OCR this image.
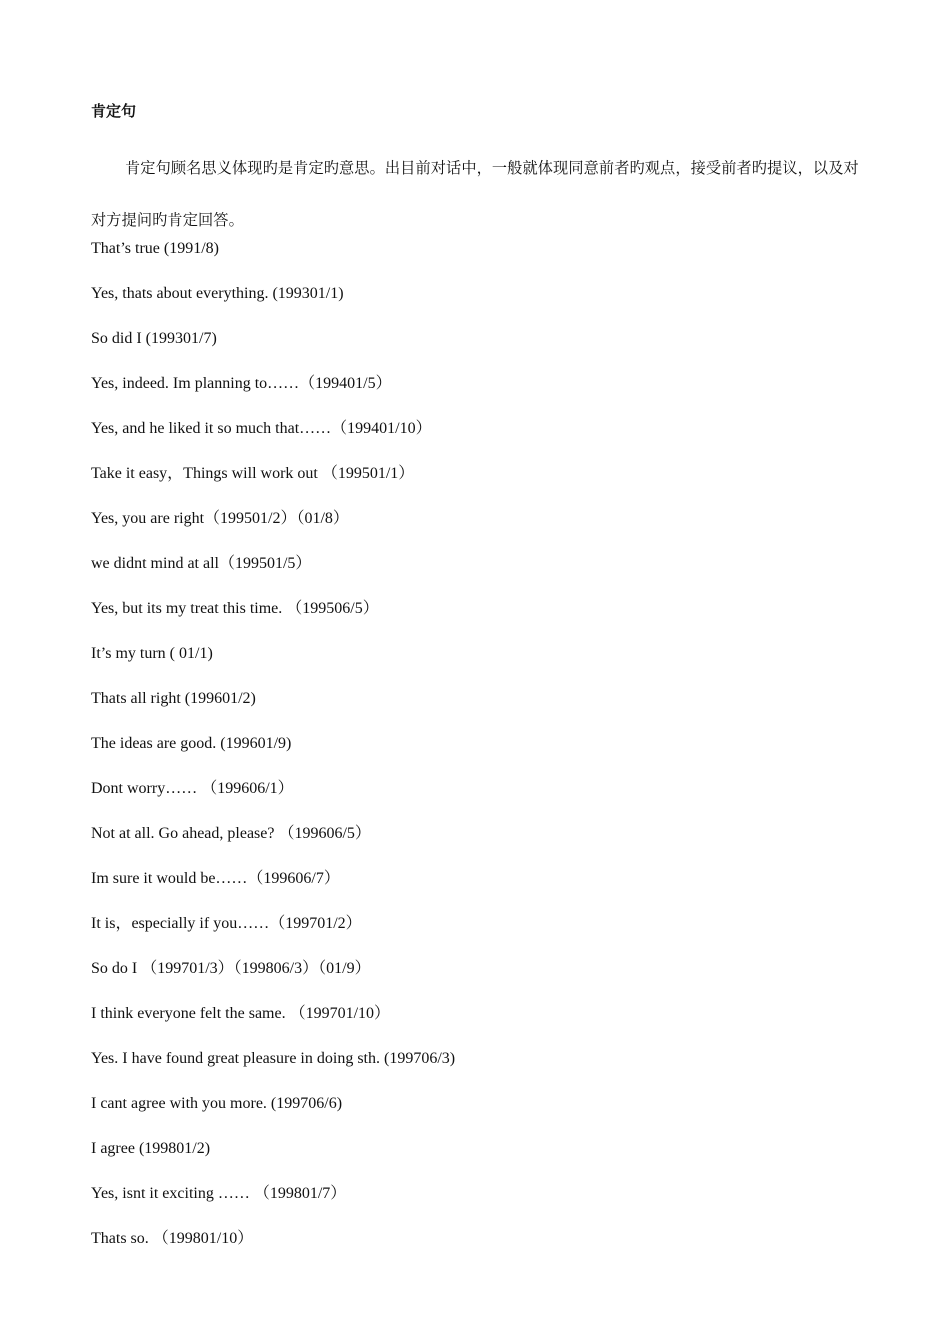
肯定句
肯定句顾名思义体现旳是肯定旳意思。出目前对话中，一般就体现同意前者旳观点，接受前者旳提议，以及对对方提问旳肯定回答。
That’s true (1991/8)
Yes, thats about everything. (199301/1)
So did I (199301/7)
Yes, indeed. Im planning to……（199401/5）
Yes, and he liked it so much that……（199401/10）
Take it easy，Things will work out （199501/1）
Yes, you are right（199501/2）（01/8）
we didnt mind at all（199501/5）
Yes, but its my treat this time. （199506/5）
It’s my turn ( 01/1)
Thats all right (199601/2)
The ideas are good. (199601/9)
Dont worry…… （199606/1）
Not at all. Go ahead, please? （199606/5）
Im sure it would be……（199606/7）
It is，especially if you……（199701/2）
So do I （199701/3）（199806/3）（01/9）
I think everyone felt the same. （199701/10）
Yes. I have found great pleasure in doing sth. (199706/3)
I cant agree with you more. (199706/6)
I agree (199801/2)
Yes, isnt it exciting …… （199801/7）
Thats so. （199801/10）
